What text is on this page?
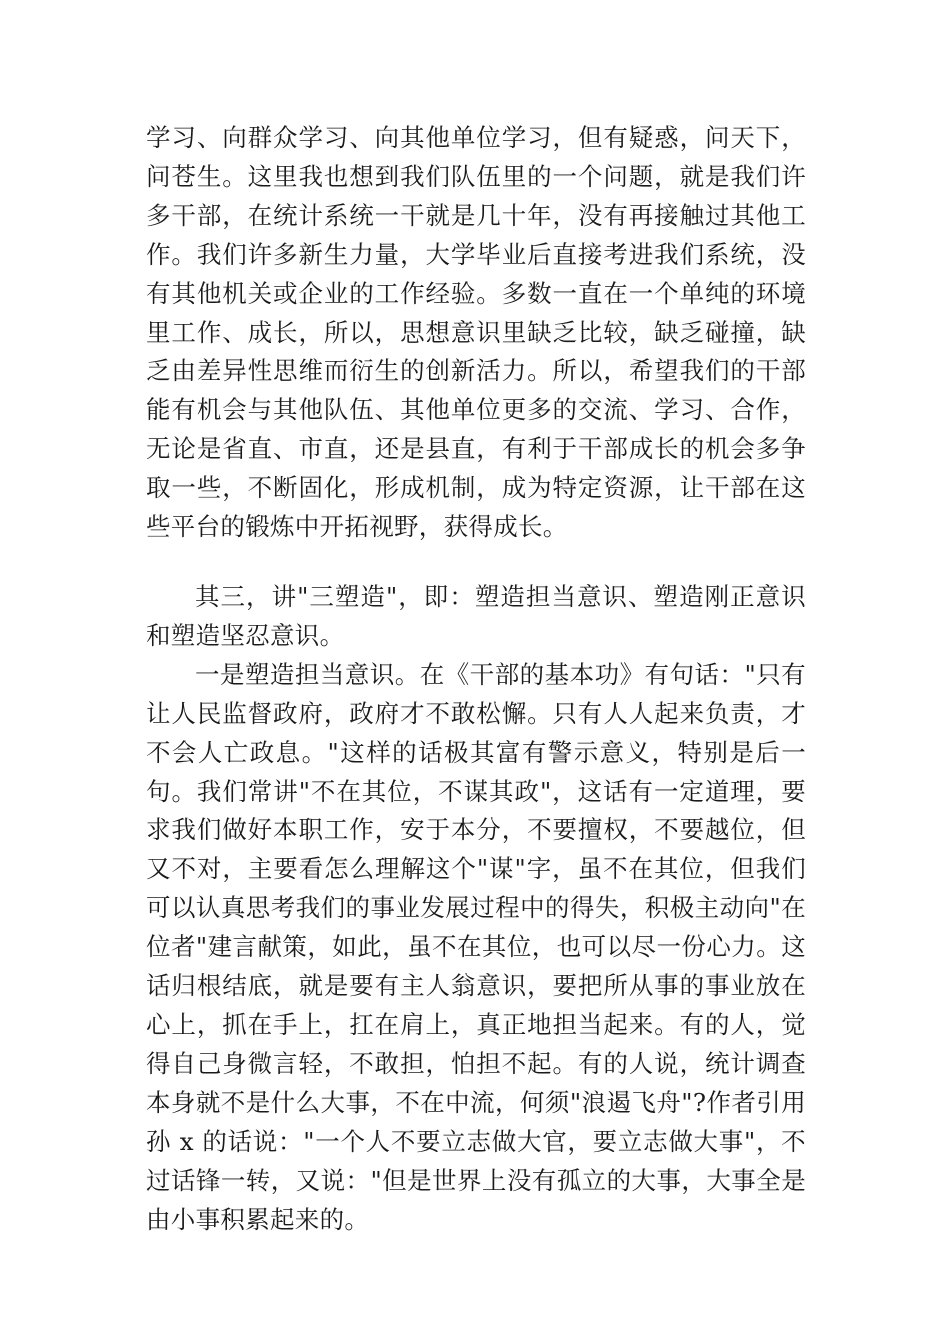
学习、向群众学习、向其他单位学习，但有疑惑，问天下，问苍生。这里我也想到我们队伍里的一个问题，就是我们许多干部，在统计系统一干就是几十年，没有再接触过其他工作。我们许多新生力量，大学毕业后直接考进我们系统，没有其他机关或企业的工作经验。多数一直在一个单纯的环境里工作、成长，所以，思想意识里缺乏比较，缺乏碰撞，缺乏由差异性思维而衍生的创新活力。所以，希望我们的干部能有机会与其他队伍、其他单位更多的交流、学习、合作，无论是省直、市直，还是县直，有利于干部成长的机会多争取一些，不断固化，形成机制，成为特定资源，让干部在这些平台的锻炼中开拓视野，获得成长。

其三，讲"三塑造"，即：塑造担当意识、塑造刚正意识和塑造坚忍意识。

一是塑造担当意识。在《干部的基本功》有句话："只有让人民监督政府，政府才不敢松懈。只有人人起来负责，才不会人亡政息。"这样的话极其富有警示意义，特别是后一句。我们常讲"不在其位，不谋其政"，这话有一定道理，要求我们做好本职工作，安于本分，不要擅权，不要越位，但又不对，主要看怎么理解这个"谋"字，虽不在其位，但我们可以认真思考我们的事业发展过程中的得失，积极主动向"在位者"建言献策，如此，虽不在其位，也可以尽一份心力。这话归根结底，就是要有主人翁意识，要把所从事的事业放在心上，抓在手上，扛在肩上，真正地担当起来。有的人，觉得自己身微言轻，不敢担，怕担不起。有的人说，统计调查本身就不是什么大事，不在中流，何须"浪遏飞舟"?作者引用孙 x 的话说："一个人不要立志做大官，要立志做大事"，不过话锋一转，又说："但是世界上没有孤立的大事，大事全是由小事积累起来的。
